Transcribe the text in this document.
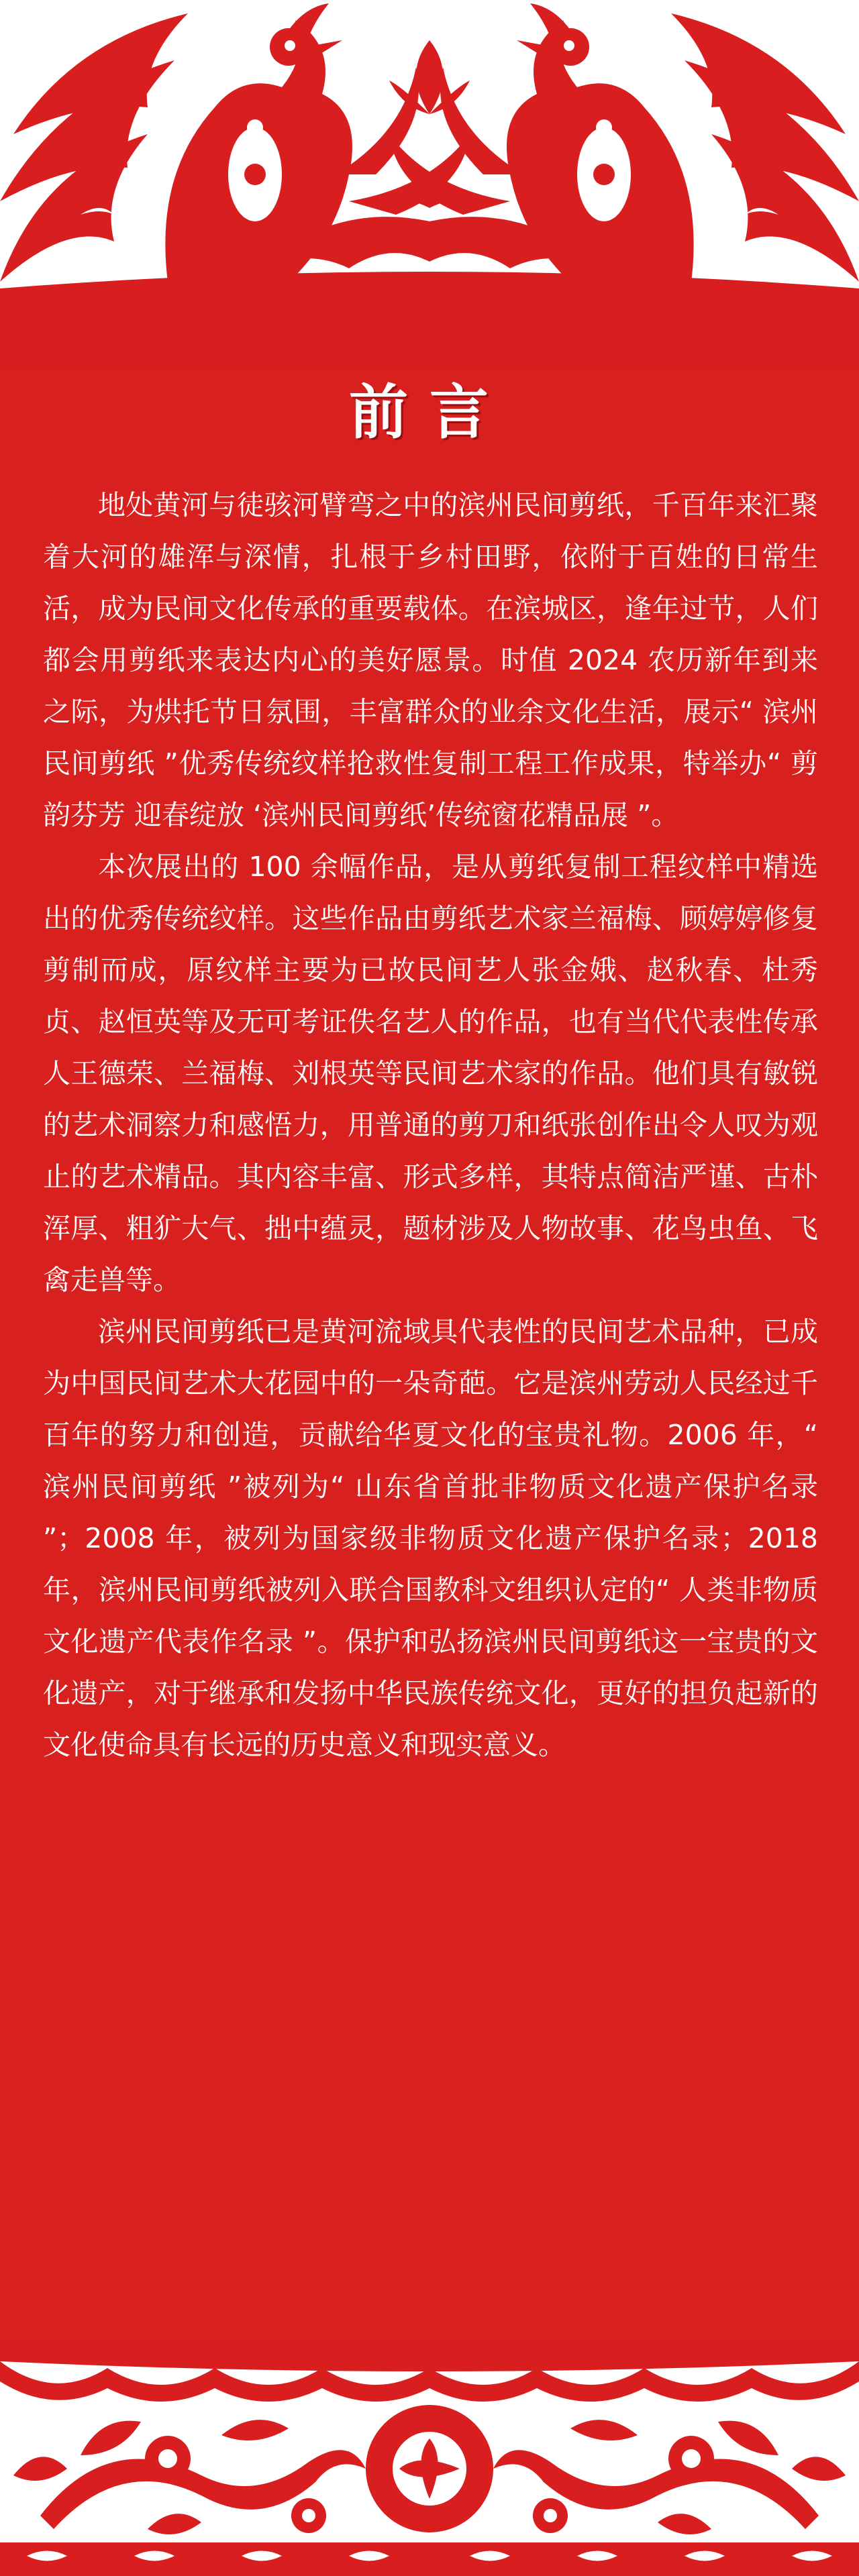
前言

地处黄河与徒骇河臂弯之中的滨州民间剪纸，千百年来汇聚着大河的雄浑与深情，扎根于乡村田野，依附于百姓的日常生活，成为民间文化传承的重要载体。在滨城区，逢年过节，人们都会用剪纸来表达内心的美好愿景。时值 2024 农历新年到来之际，为烘托节日氛围，丰富群众的业余文化生活，展示“ 滨州民间剪纸 ”优秀传统纹样抢救性复制工程工作成果，特举办“ 剪韵芬芳 迎春绽放 ‘滨州民间剪纸’传统窗花精品展 ”。

本次展出的 100 余幅作品，是从剪纸复制工程纹样中精选出的优秀传统纹样。这些作品由剪纸艺术家兰福梅、顾婷婷修复剪制而成，原纹样主要为已故民间艺人张金娥、赵秋春、杜秀贞、赵恒英等及无可考证佚名艺人的作品，也有当代代表性传承人王德荣、兰福梅、刘根英等民间艺术家的作品。他们具有敏锐的艺术洞察力和感悟力，用普通的剪刀和纸张创作出令人叹为观止的艺术精品。其内容丰富、形式多样，其特点简洁严谨、古朴浑厚、粗犷大气、拙中蕴灵，题材涉及人物故事、花鸟虫鱼、飞禽走兽等。

滨州民间剪纸已是黄河流域具代表性的民间艺术品种，已成为中国民间艺术大花园中的一朵奇葩。它是滨州劳动人民经过千百年的努力和创造，贡献给华夏文化的宝贵礼物。2006 年，“ 滨州民间剪纸 ”被列为“ 山东省首批非物质文化遗产保护名录 ”；2008 年，被列为国家级非物质文化遗产保护名录；2018 年，滨州民间剪纸被列入联合国教科文组织认定的“ 人类非物质文化遗产代表作名录 ”。保护和弘扬滨州民间剪纸这一宝贵的文化遗产，对于继承和发扬中华民族传统文化，更好的担负起新的文化使命具有长远的历史意义和现实意义。
